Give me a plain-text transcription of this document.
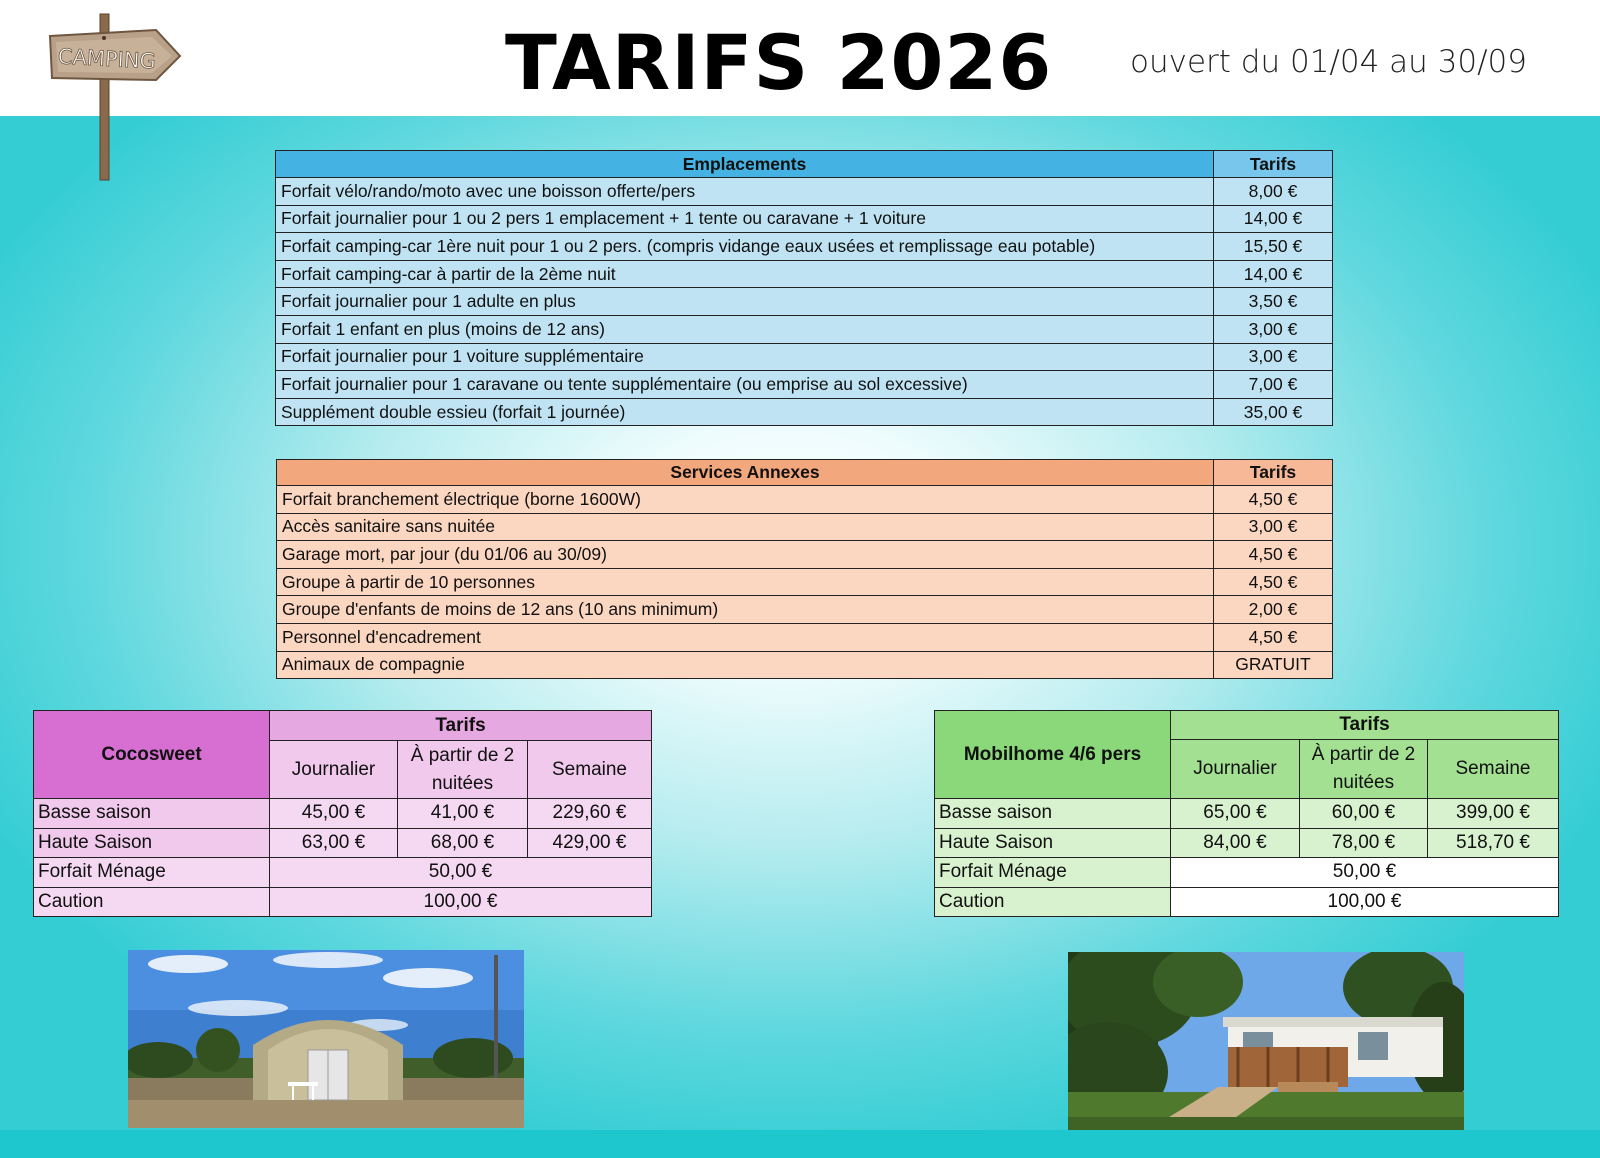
CAMPING	TARIFS 2026	ouvert du 01/04 au 30/09
Emplacements	Tarifs
Forfait vélo/rando/moto avec une boisson offerte/pers	8,00 €
Forfait journalier pour 1 ou 2 pers 1 emplacement + 1 tente ou caravane + 1 voiture	14,00 €
Forfait camping-car 1ère nuit pour 1 ou 2 pers. (compris vidange eaux usées et remplissage eau potable)	15,50 €
Forfait camping-car à partir de la 2ème nuit	14,00 €
Forfait journalier pour 1 adulte en plus	3,50 €
Forfait 1 enfant en plus (moins de 12 ans)	3,00 €
Forfait journalier pour 1 voiture supplémentaire	3,00 €
Forfait journalier pour 1 caravane ou tente supplémentaire (ou emprise au sol excessive)	7,00 €
Supplément double essieu (forfait 1 journée)	35,00 €
Services Annexes	Tarifs
Forfait branchement électrique (borne 1600W)	4,50 €
Accès sanitaire sans nuitée	3,00 €
Garage mort, par jour (du 01/06 au 30/09)	4,50 €
Groupe à partir de 10 personnes	4,50 €
Groupe d'enfants de moins de 12 ans (10 ans minimum)	2,00 €
Personnel d'encadrement	4,50 €
Animaux de compagnie	GRATUIT
Cocosweet	Tarifs		
	Journalier	À partir de 2 nuitées	Semaine
Basse saison	45,00 €	41,00 €	229,60 €
Haute Saison	63,00 €	68,00 €	429,00 €
Forfait Ménage	50,00 €		
Caution	100,00 €		
Mobilhome 4/6 pers	Tarifs		
	Journalier	À partir de 2 nuitées	Semaine
Basse saison	65,00 €	60,00 €	399,00 €
Haute Saison	84,00 €	78,00 €	518,70 €
Forfait Ménage	50,00 €		
Caution	100,00 €		
